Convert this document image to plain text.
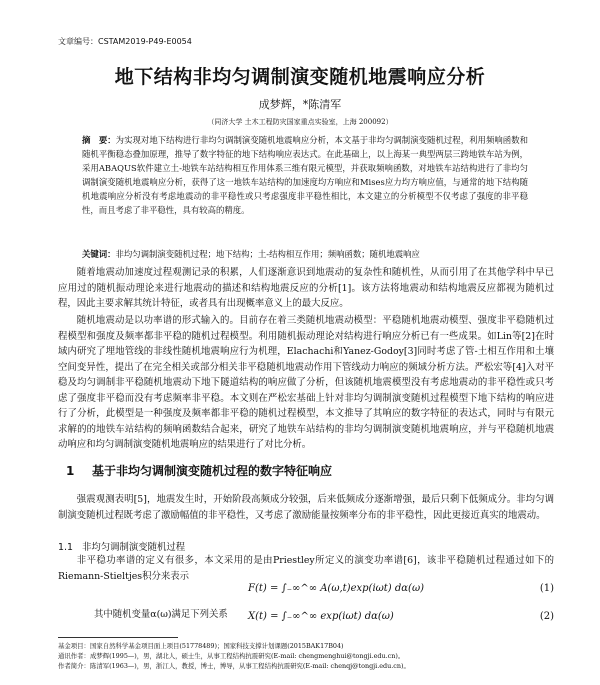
文章编号：CSTAM2019-P49-E0054
地下结构非均匀调制演变随机地震响应分析
成梦辉，*陈清军
（同济大学 土木工程防灾国家重点实验室，上海 200092）
摘　要：为实现对地下结构进行非均匀调制演变随机地震响应分析，本文基于非均匀调制演变随机过程，利用频响函数和随机平衡稳态叠加原理，推导了数字特征的地下结构响应表达式。在此基础上，以上海某一典型两层三跨地铁车站为例，采用ABAQUS软件建立土-地铁车站结构相互作用体系三维有限元模型，并获取频响函数，对地铁车站结构进行了非均匀调制演变随机地震响应分析，获得了这一地铁车站结构的加速度均方响应和Mises应力均方响应值，与通常的地下结构随机地震响应分析没有考虑地震动的非平稳性或只考虑强度非平稳性相比，本文建立的分析模型不仅考虑了强度的非平稳性，而且考虑了非平稳性，具有较高的精度。
关键词：非均匀调制演变随机过程；地下结构；土-结构相互作用；频响函数；随机地震响应

随着地震动加速度过程观测记录的积累，人们逐渐意识到地震动的复杂性和随机性，从而引用了在其他学科中早已应用过的随机振动理论来进行地震动的描述和结构地震反应的分析[1]。该方法将地震动和结构地震反应都视为随机过程，因此主要求解其统计特征，或者具有出现概率意义上的最大反应。

随机地震动是以功率谱的形式输入的。目前存在着三类随机地震动模型：平稳随机地震动模型、强度非平稳随机过程模型和强度及频率都非平稳的随机过程模型。利用随机振动理论对结构进行响应分析已有一些成果。如Lin等[2]在时域内研究了埋地管线的非线性随机地震响应行为机理，Elachachi和Yanez-Godoy[3]同时考虑了管-土相互作用和土壤空间变异性，提出了在完全相关或部分相关非平稳随机地震动作用下管线动力响应的频域分析方法。严松宏等[4]入对平稳及均匀调制非平稳随机地震动下地下隧道结构的响应做了分析，但该随机地震模型没有考虑地震动的非平稳性或只考虑了强度非平稳而没有考虑频率非平稳。本文则在严松宏基础上针对非均匀调制演变随机过程模型下地下结构的响应进行了分析，此模型是一种强度及频率都非平稳的随机过程模型，本文推导了其响应的数字特征的表达式，同时与有限元求解的的地铁车站结构的频响函数结合起来，研究了地铁车站结构的非均匀调制演变随机地震响应，并与平稳随机地震动响应和均匀调制演变随机地震响应的结果进行了对比分析。

1 基于非均匀调制演变随机过程的数字特征响应

强震观测表明[5]，地震发生时，开始阶段高频成分较强，后来低频成分逐渐增强，最后只剩下低频成分。非均匀调制演变随机过程既考虑了激励幅值的非平稳性，又考虑了激励能量按频率分布的非平稳性，因此更接近真实的地震动。

1.1 非均匀调制演变随机过程

非平稳功率谱的定义有很多，本文采用的是由Priestley所定义的演变功率谱[6]，该非平稳随机过程通过如下的Riemann-Stieltjes积分来表示

F(t) = ∫₋∞^∞ A(ω,t)exp(iωt) dα(ω)	(1)
其中随机变量α(ω)满足下列关系 X(t) = ∫₋∞^∞ exp(iωt) dα(ω)	(2)
基金项目：国家自然科学基金项目面上项目(51778489)；国家科技支撑计划课题(2015BAK17B04)
通讯作者：成梦辉(1995—)，男，湖北人，硕士生，从事工程结构抗震研究(E-mail: chengmenghui@tongji.edu.cn)。
作者简介：陈清军(1963—)，男，浙江人，教授，博士，博导，从事工程结构抗震研究(E-mail: chenqj@tongji.edu.cn)。
